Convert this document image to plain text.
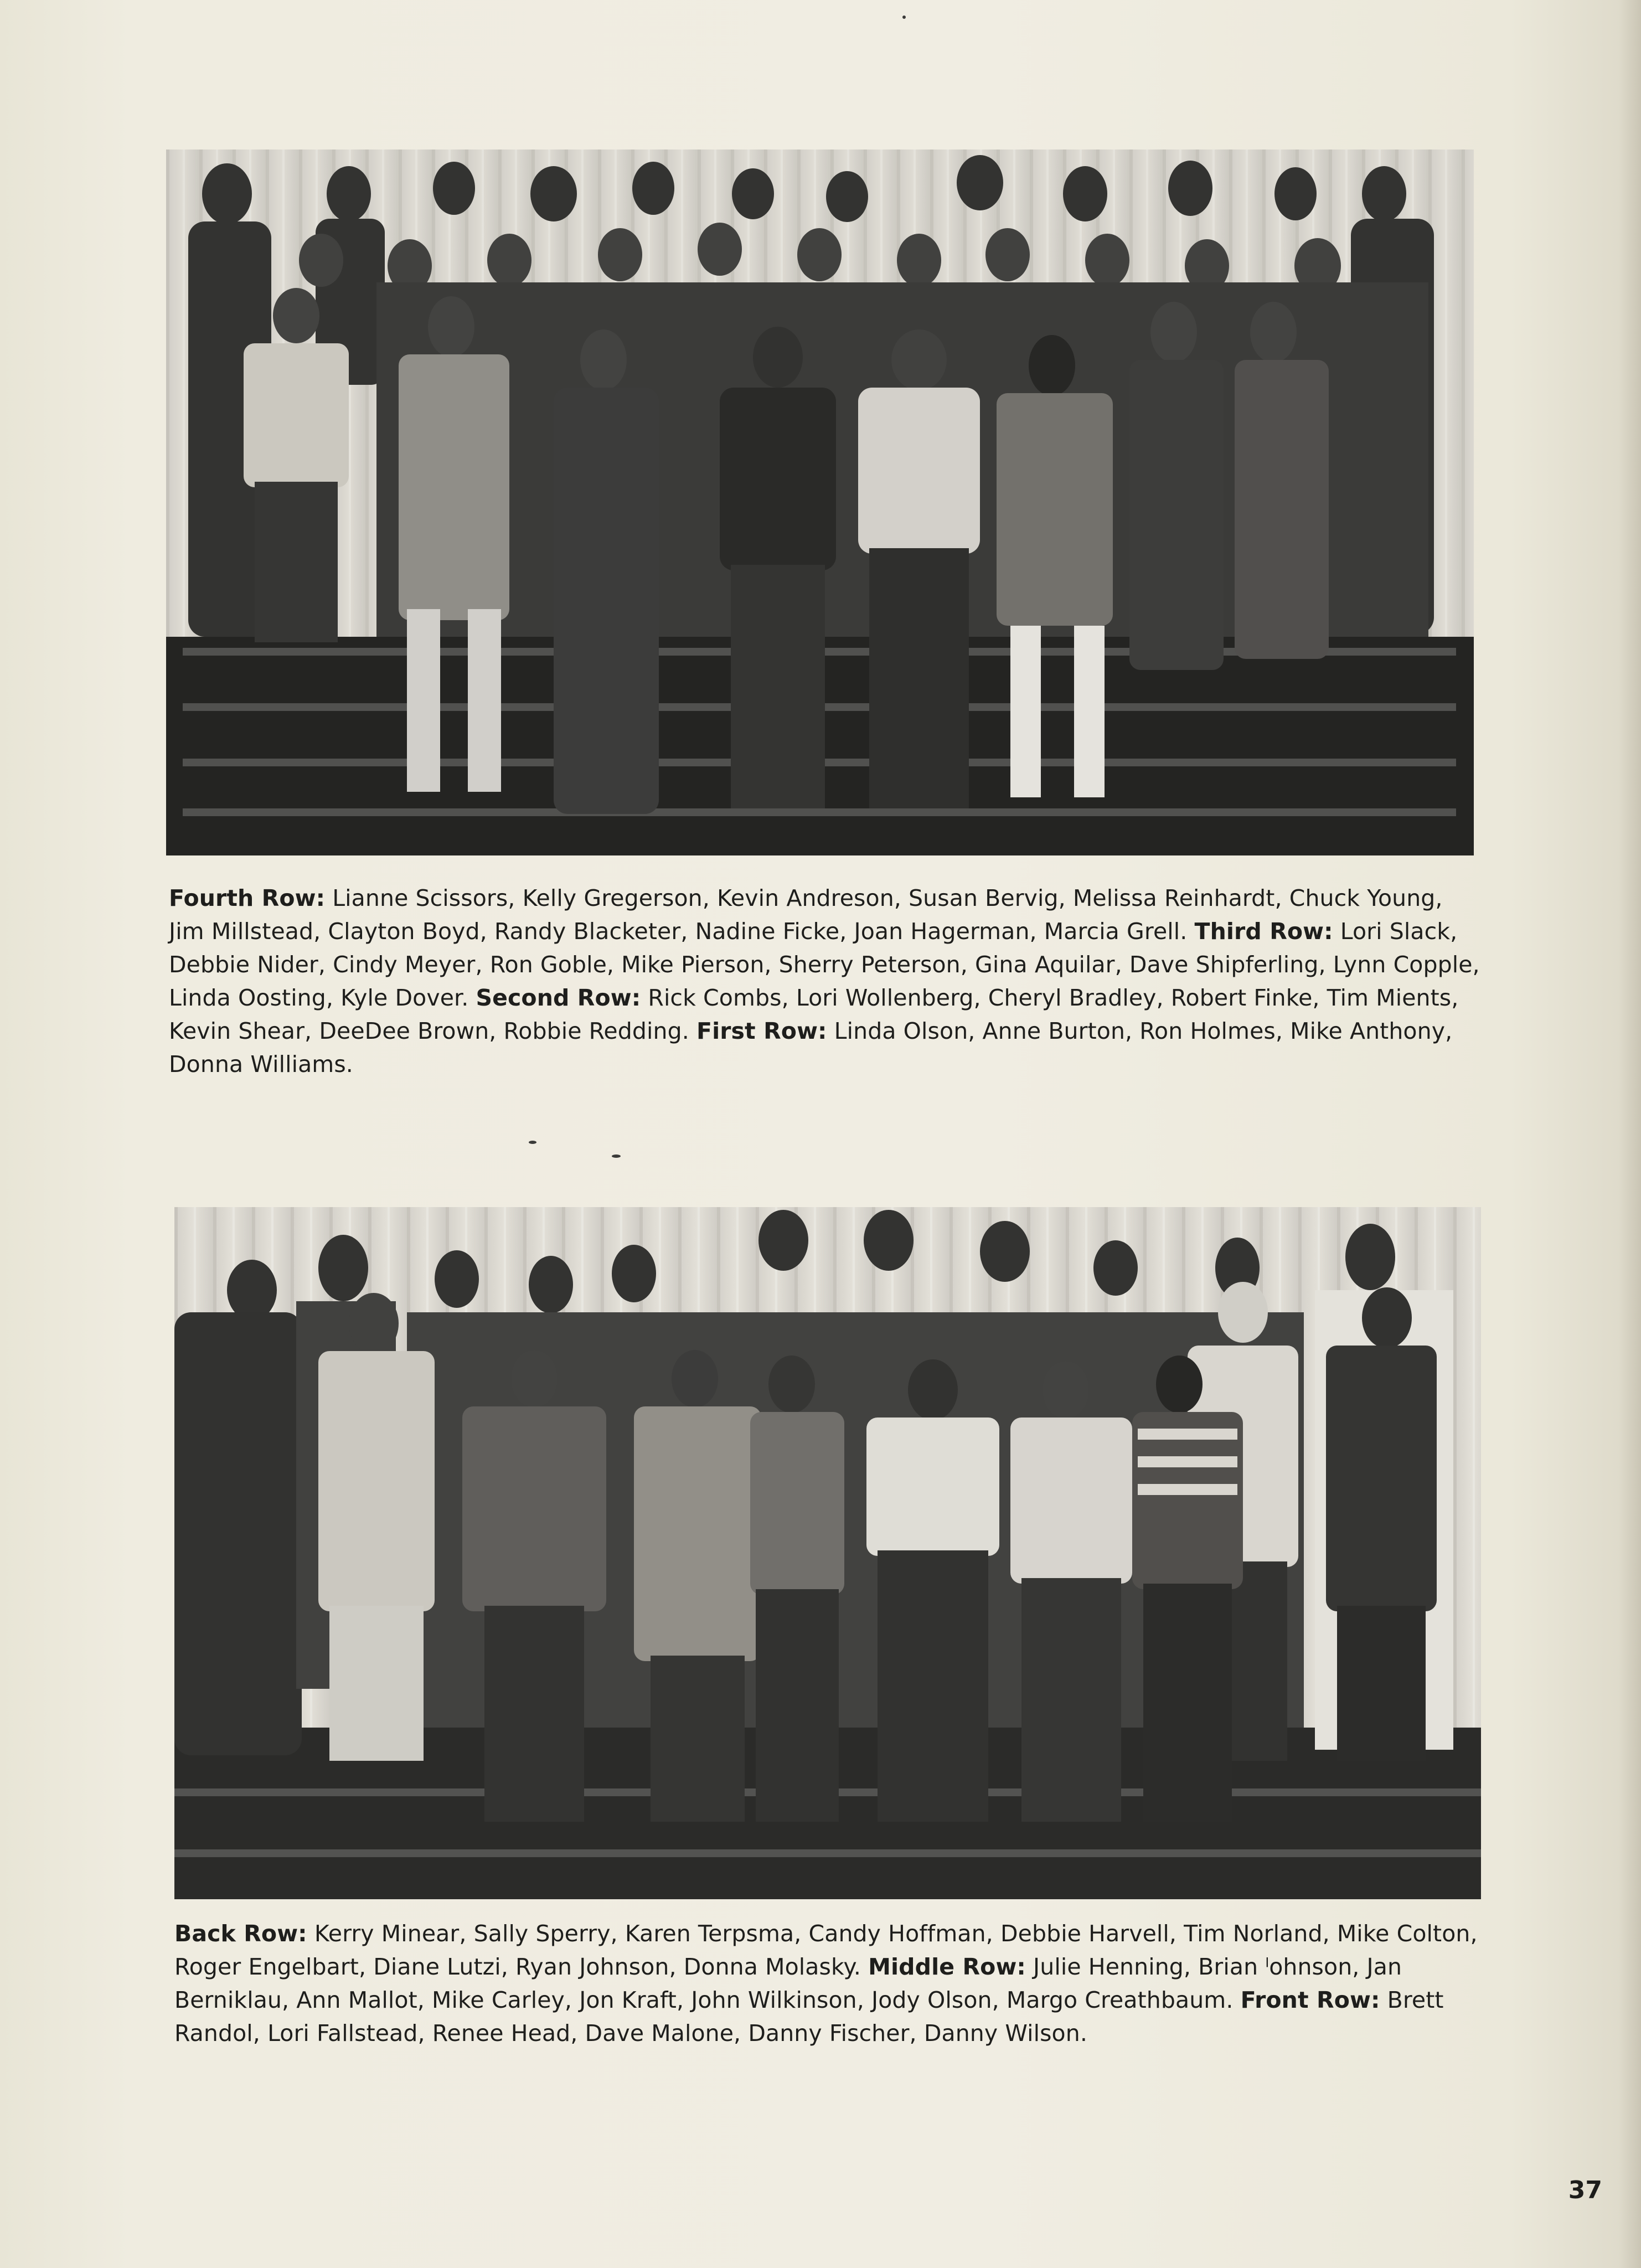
Fourth Row: Lianne Scissors, Kelly Gregerson, Kevin Andreson, Susan Bervig, Melissa Reinhardt, Chuck Young, Jim Millstead, Clayton Boyd, Randy Blacketer, Nadine Ficke, Joan Hagerman, Marcia Grell. Third Row: Lori Slack, Debbie Nider, Cindy Meyer, Ron Goble, Mike Pierson, Sherry Peterson, Gina Aquilar, Dave Shipferling, Lynn Copple, Linda Oosting, Kyle Dover. Second Row: Rick Combs, Lori Wollenberg, Cheryl Bradley, Robert Finke, Tim Mients, Kevin Shear, DeeDee Brown, Robbie Redding. First Row: Linda Olson, Anne Burton, Ron Holmes, Mike Anthony, Donna Williams.
Back Row: Kerry Minear, Sally Sperry, Karen Terpsma, Candy Hoffman, Debbie Harvell, Tim Norland, Mike Colton, Roger Engelbart, Diane Lutzi, Ryan Johnson, Donna Molasky. Middle Row: Julie Henning, Brian ˡohnson, Jan Berniklau, Ann Mallot, Mike Carley, Jon Kraft, John Wilkinson, Jody Olson, Margo Creathbaum. Front Row: Brett Randol, Lori Fallstead, Renee Head, Dave Malone, Danny Fischer, Danny Wilson.
37
